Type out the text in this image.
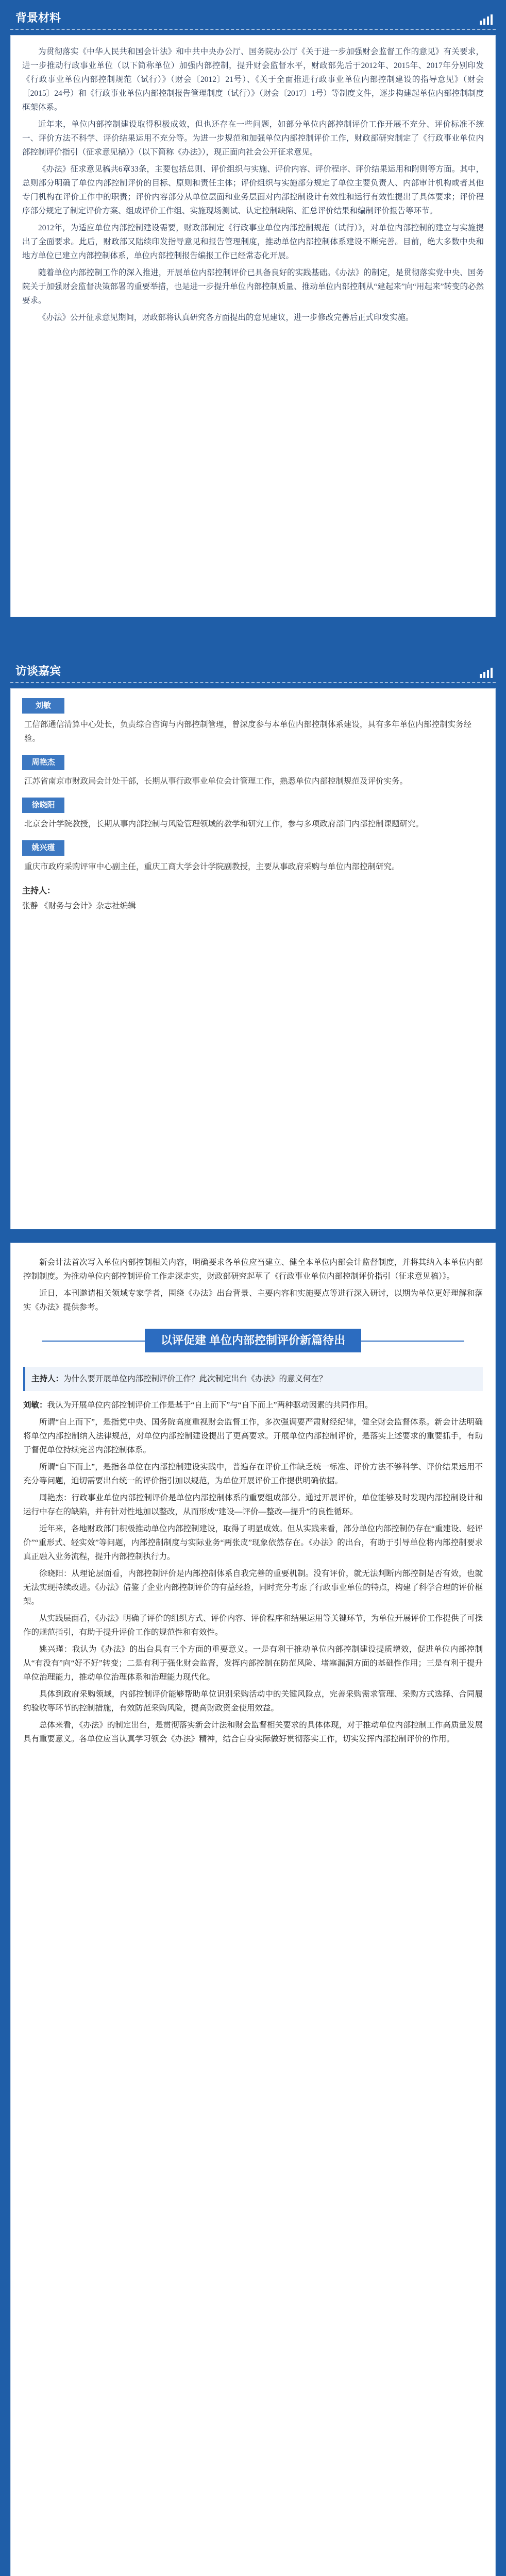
背景材料

为贯彻落实《中华人民共和国会计法》和中共中央办公厅、国务院办公厅《关于进一步加强财会监督工作的意见》有关要求，进一步推动行政事业单位（以下简称单位）加强内部控制，提升财会监督水平，财政部先后于2012年、2015年、2017年分别印发《行政事业单位内部控制规范（试行）》（财会〔2012〕21号）、《关于全面推进行政事业单位内部控制建设的指导意见》（财会〔2015〕24号）和《行政事业单位内部控制报告管理制度（试行）》（财会〔2017〕1号）等制度文件，逐步构建起单位内部控制制度框架体系。

近年来，单位内部控制建设取得积极成效，但也还存在一些问题，如部分单位内部控制评价工作开展不充分、评价标准不统一、评价方法不科学、评价结果运用不充分等。为进一步规范和加强单位内部控制评价工作，财政部研究制定了《行政事业单位内部控制评价指引（征求意见稿）》（以下简称《办法》），现正面向社会公开征求意见。

《办法》征求意见稿共6章33条，主要包括总则、评价组织与实施、评价内容、评价程序、评价结果运用和附则等方面。其中，总则部分明确了单位内部控制评价的目标、原则和责任主体；评价组织与实施部分规定了单位主要负责人、内部审计机构或者其他专门机构在评价工作中的职责；评价内容部分从单位层面和业务层面对内部控制设计有效性和运行有效性提出了具体要求；评价程序部分规定了制定评价方案、组成评价工作组、实施现场测试、认定控制缺陷、汇总评价结果和编制评价报告等环节。

2012年，为适应单位内部控制建设需要，财政部制定《行政事业单位内部控制规范（试行）》，对单位内部控制的建立与实施提出了全面要求。此后，财政部又陆续印发指导意见和报告管理制度，推动单位内部控制体系建设不断完善。目前，绝大多数中央和地方单位已建立内部控制体系，单位内部控制报告编报工作已经常态化开展。

随着单位内部控制工作的深入推进，开展单位内部控制评价已具备良好的实践基础。《办法》的制定，是贯彻落实党中央、国务院关于加强财会监督决策部署的重要举措，也是进一步提升单位内部控制质量、推动单位内部控制从“建起来”向“用起来”转变的必然要求。

《办法》公开征求意见期间，财政部将认真研究各方面提出的意见建议，进一步修改完善后正式印发实施。

访谈嘉宾
刘敏
工信部通信清算中心处长，负责综合咨询与内部控制管理，曾深度参与本单位内部控制体系建设，具有多年单位内部控制实务经验。
周艳杰
江苏省南京市财政局会计处干部，长期从事行政事业单位会计管理工作，熟悉单位内部控制规范及评价实务。
徐晓阳
北京会计学院教授，长期从事内部控制与风险管理领域的教学和研究工作，参与多项政府部门内部控制课题研究。
姚兴瑾
重庆市政府采购评审中心副主任，重庆工商大学会计学院副教授，主要从事政府采购与单位内部控制研究。
主持人：
张静 《财务与会计》杂志社编辑

新会计法首次写入单位内部控制相关内容，明确要求各单位应当建立、健全本单位内部会计监督制度，并将其纳入本单位内部控制制度。为推动单位内部控制评价工作走深走实，财政部研究起草了《行政事业单位内部控制评价指引（征求意见稿）》。

近日，本刊邀请相关领域专家学者，围绕《办法》出台背景、主要内容和实施要点等进行深入研讨，以期为单位更好理解和落实《办法》提供参考。

以评促建 单位内部控制评价新篇待出
主持人：为什么要开展单位内部控制评价工作？此次制定出台《办法》的意义何在？

刘敏：我认为开展单位内部控制评价工作是基于“自上而下”与“自下而上”两种驱动因素的共同作用。

所谓“自上而下”，是指党中央、国务院高度重视财会监督工作，多次强调要严肃财经纪律，健全财会监督体系。新会计法明确将单位内部控制纳入法律规范，对单位内部控制建设提出了更高要求。开展单位内部控制评价，是落实上述要求的重要抓手，有助于督促单位持续完善内部控制体系。

所谓“自下而上”，是指各单位在内部控制建设实践中，普遍存在评价工作缺乏统一标准、评价方法不够科学、评价结果运用不充分等问题，迫切需要出台统一的评价指引加以规范，为单位开展评价工作提供明确依据。

周艳杰：行政事业单位内部控制评价是单位内部控制体系的重要组成部分。通过开展评价，单位能够及时发现内部控制设计和运行中存在的缺陷，并有针对性地加以整改，从而形成“建设—评价—整改—提升”的良性循环。

近年来，各地财政部门积极推动单位内部控制建设，取得了明显成效。但从实践来看，部分单位内部控制仍存在“重建设、轻评价”“重形式、轻实效”等问题，内部控制制度与实际业务“两张皮”现象依然存在。《办法》的出台，有助于引导单位将内部控制要求真正融入业务流程，提升内部控制执行力。

徐晓阳：从理论层面看，内部控制评价是内部控制体系自我完善的重要机制。没有评价，就无法判断内部控制是否有效，也就无法实现持续改进。《办法》借鉴了企业内部控制评价的有益经验，同时充分考虑了行政事业单位的特点，构建了科学合理的评价框架。

从实践层面看，《办法》明确了评价的组织方式、评价内容、评价程序和结果运用等关键环节，为单位开展评价工作提供了可操作的规范指引，有助于提升评价工作的规范性和有效性。

姚兴瑾：我认为《办法》的出台具有三个方面的重要意义。一是有利于推动单位内部控制建设提质增效，促进单位内部控制从“有没有”向“好不好”转变；二是有利于强化财会监督，发挥内部控制在防范风险、堵塞漏洞方面的基础性作用；三是有利于提升单位治理能力，推动单位治理体系和治理能力现代化。

具体到政府采购领域，内部控制评价能够帮助单位识别采购活动中的关键风险点，完善采购需求管理、采购方式选择、合同履约验收等环节的控制措施，有效防范采购风险，提高财政资金使用效益。

总体来看，《办法》的制定出台，是贯彻落实新会计法和财会监督相关要求的具体体现，对于推动单位内部控制工作高质量发展具有重要意义。各单位应当认真学习领会《办法》精神，结合自身实际做好贯彻落实工作，切实发挥内部控制评价的作用。
